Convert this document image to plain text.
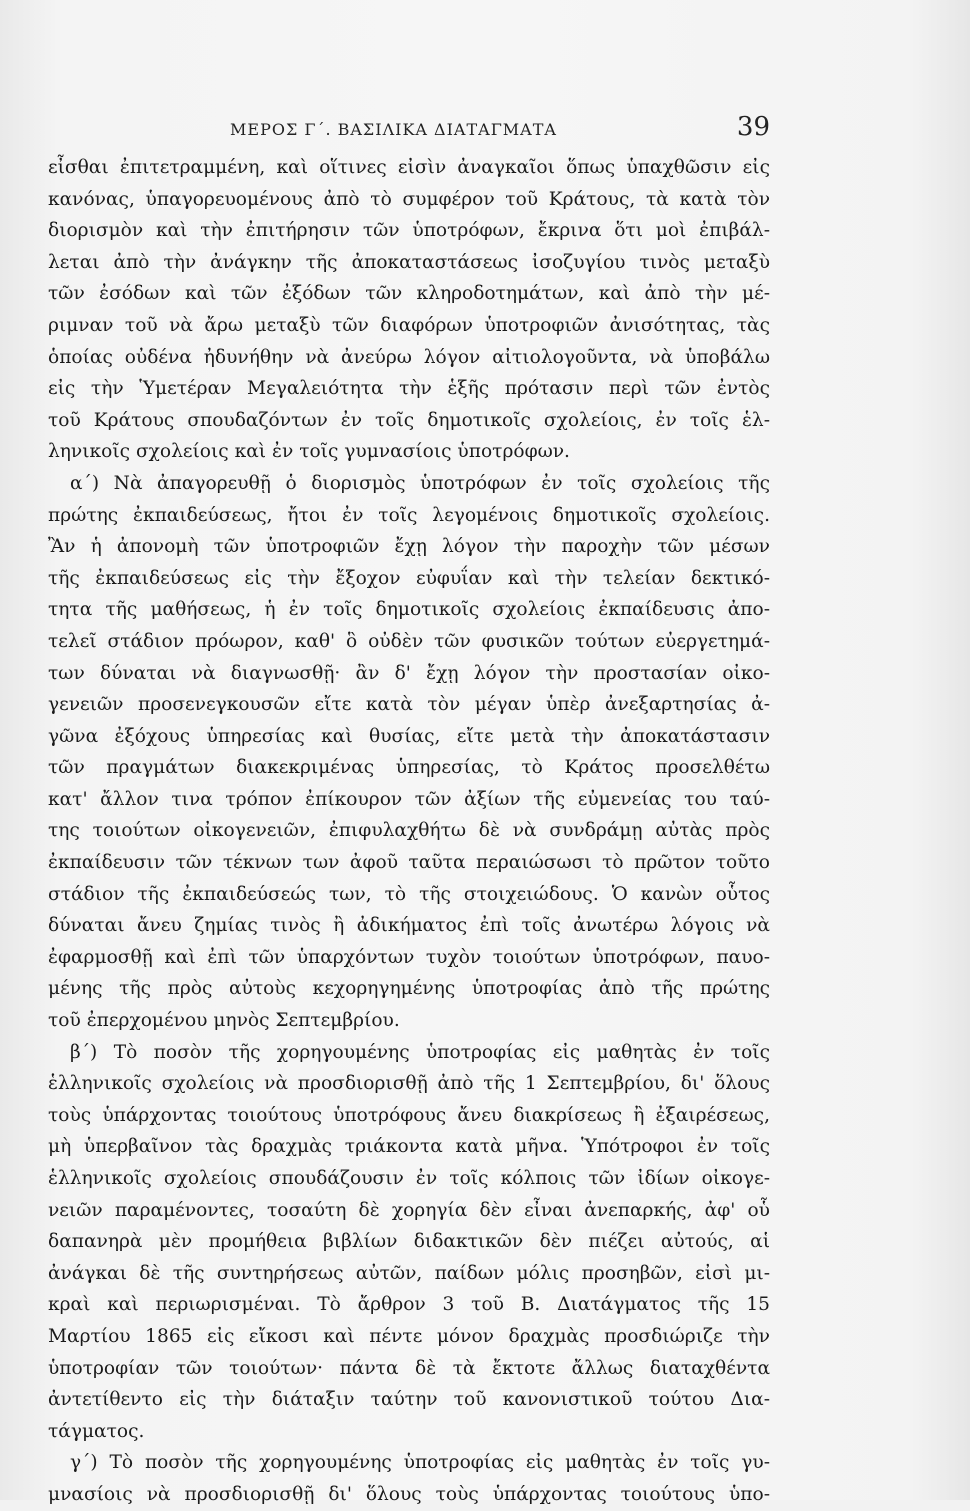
ΜΕΡΟΣ Γ΄. ΒΑΣΙΛΙΚΑ ΔΙΑΤΑΓΜΑΤΑ	39
εἶσθαι ἐπιτετραμμένη, καὶ οἵτινες εἰσὶν ἀναγκαῖοι ὅπως ὑπαχθῶσιν εἰς
κανόνας, ὑπαγορευομένους ἀπὸ τὸ συμφέρον τοῦ Κράτους, τὰ κατὰ τὸν
διορισμὸν καὶ τὴν ἐπιτήρησιν τῶν ὑποτρόφων, ἔκρινα ὅτι μοὶ ἐπιβάλ-
λεται ἀπὸ τὴν ἀνάγκην τῆς ἀποκαταστάσεως ἰσοζυγίου τινὸς μεταξὺ
τῶν ἐσόδων καὶ τῶν ἐξόδων τῶν κληροδοτημάτων, καὶ ἀπὸ τὴν μέ-
ριμναν τοῦ νὰ ἄρω μεταξὺ τῶν διαφόρων ὑποτροφιῶν ἀνισότητας, τὰς
ὁποίας οὐδένα ἠδυνήθην νὰ ἀνεύρω λόγον αἰτιολογοῦντα, νὰ ὑποβάλω
εἰς τὴν Ὑμετέραν Μεγαλειότητα τὴν ἑξῆς πρότασιν περὶ τῶν ἐντὸς
τοῦ Κράτους σπουδαζόντων ἐν τοῖς δημοτικοῖς σχολείοις, ἐν τοῖς ἑλ-
ληνικοῖς σχολείοις καὶ ἐν τοῖς γυμνασίοις ὑποτρόφων.
α΄) Νὰ ἀπαγορευθῇ ὁ διορισμὸς ὑποτρόφων ἐν τοῖς σχολείοις τῆς
πρώτης ἐκπαιδεύσεως, ἤτοι ἐν τοῖς λεγομένοις δημοτικοῖς σχολείοις.
Ἂν ἡ ἀπονομὴ τῶν ὑποτροφιῶν ἔχῃ λόγον τὴν παροχὴν τῶν μέσων
τῆς ἐκπαιδεύσεως εἰς τὴν ἔξοχον εὐφυΐαν καὶ τὴν τελείαν δεκτικό-
τητα τῆς μαθήσεως, ἡ ἐν τοῖς δημοτικοῖς σχολείοις ἐκπαίδευσις ἀπο-
τελεῖ στάδιον πρόωρον, καθ' ὃ οὐδὲν τῶν φυσικῶν τούτων εὐεργετημά-
των δύναται νὰ διαγνωσθῇ· ἂν δ' ἔχῃ λόγον τὴν προστασίαν οἰκο-
γενειῶν προσενεγκουσῶν εἴτε κατὰ τὸν μέγαν ὑπὲρ ἀνεξαρτησίας ἀ-
γῶνα ἐξόχους ὑπηρεσίας καὶ θυσίας, εἴτε μετὰ τὴν ἀποκατάστασιν
τῶν πραγμάτων διακεκριμένας ὑπηρεσίας, τὸ Κράτος προσελθέτω
κατ' ἄλλον τινα τρόπον ἐπίκουρον τῶν ἀξίων τῆς εὐμενείας του ταύ-
της τοιούτων οἰκογενειῶν, ἐπιφυλαχθήτω δὲ νὰ συνδράμῃ αὐτὰς πρὸς
ἐκπαίδευσιν τῶν τέκνων των ἀφοῦ ταῦτα περαιώσωσι τὸ πρῶτον τοῦτο
στάδιον τῆς ἐκπαιδεύσεώς των, τὸ τῆς στοιχειώδους. Ὁ κανὼν οὗτος
δύναται ἄνευ ζημίας τινὸς ἢ ἀδικήματος ἐπὶ τοῖς ἀνωτέρω λόγοις νὰ
ἐφαρμοσθῇ καὶ ἐπὶ τῶν ὑπαρχόντων τυχὸν τοιούτων ὑποτρόφων, παυο-
μένης τῆς πρὸς αὐτοὺς κεχορηγημένης ὑποτροφίας ἀπὸ τῆς πρώτης
τοῦ ἐπερχομένου μηνὸς Σεπτεμβρίου.
β΄) Τὸ ποσὸν τῆς χορηγουμένης ὑποτροφίας εἰς μαθητὰς ἐν τοῖς
ἑλληνικοῖς σχολείοις νὰ προσδιορισθῇ ἀπὸ τῆς 1 Σεπτεμβρίου, δι' ὅλους
τοὺς ὑπάρχοντας τοιούτους ὑποτρόφους ἄνευ διακρίσεως ἢ ἐξαιρέσεως,
μὴ ὑπερβαῖνον τὰς δραχμὰς τριάκοντα κατὰ μῆνα. Ὑπότροφοι ἐν τοῖς
ἑλληνικοῖς σχολείοις σπουδάζουσιν ἐν τοῖς κόλποις τῶν ἰδίων οἰκογε-
νειῶν παραμένοντες, τοσαύτη δὲ χορηγία δὲν εἶναι ἀνεπαρκής, ἀφ' οὗ
δαπανηρὰ μὲν προμήθεια βιβλίων διδακτικῶν δὲν πιέζει αὐτούς, αἱ
ἀνάγκαι δὲ τῆς συντηρήσεως αὐτῶν, παίδων μόλις προσηβῶν, εἰσὶ μι-
κραὶ καὶ περιωρισμέναι. Τὸ ἄρθρον 3 τοῦ Β. Διατάγματος τῆς 15
Μαρτίου 1865 εἰς εἴκοσι καὶ πέντε μόνον δραχμὰς προσδιώριζε τὴν
ὑποτροφίαν τῶν τοιούτων· πάντα δὲ τὰ ἔκτοτε ἄλλως διαταχθέντα
ἀντετίθεντο εἰς τὴν διάταξιν ταύτην τοῦ κανονιστικοῦ τούτου Δια-
τάγματος.
γ΄) Τὸ ποσὸν τῆς χορηγουμένης ὑποτροφίας εἰς μαθητὰς ἐν τοῖς γυ-
μνασίοις νὰ προσδιορισθῇ δι' ὅλους τοὺς ὑπάρχοντας τοιούτους ὑπο-
